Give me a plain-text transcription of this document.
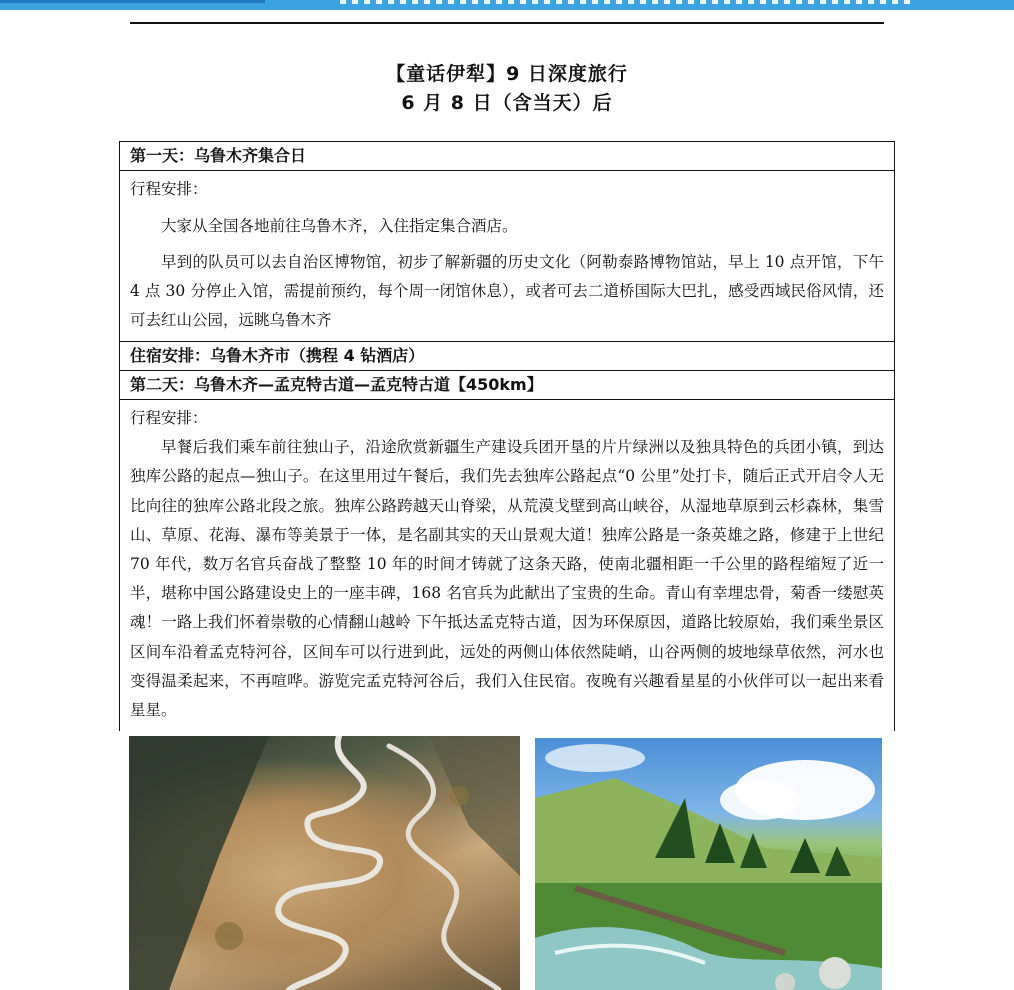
【童话伊犁】9 日深度旅行
6 月 8 日（含当天）后
第一天：乌鲁木齐集合日

行程安排：

大家从全国各地前往乌鲁木齐，入住指定集合酒店。

早到的队员可以去自治区博物馆，初步了解新疆的历史文化（阿勒泰路博物馆站，早上 10 点开馆，下午 4 点 30 分停止入馆，需提前预约，每个周一闭馆休息），或者可去二道桥国际大巴扎，感受西域民俗风情，还可去红山公园，远眺乌鲁木齐

住宿安排：乌鲁木齐市（携程 4 钻酒店）
第二天：乌鲁木齐—孟克特古道—孟克特古道【450km】

行程安排：

早餐后我们乘车前往独山子，沿途欣赏新疆生产建设兵团开垦的片片绿洲以及独具特色的兵团小镇，到达独库公路的起点—独山子。在这里用过午餐后，我们先去独库公路起点“0 公里”处打卡，随后正式开启令人无比向往的独库公路北段之旅。独库公路跨越天山脊梁，从荒漠戈壁到高山峡谷，从湿地草原到云杉森林，集雪山、草原、花海、瀑布等美景于一体，是名副其实的天山景观大道！独库公路是一条英雄之路，修建于上世纪 70 年代，数万名官兵奋战了整整 10 年的时间才铸就了这条天路，使南北疆相距一千公里的路程缩短了近一半，堪称中国公路建设史上的一座丰碑，168 名官兵为此献出了宝贵的生命。青山有幸埋忠骨，菊香一缕慰英魂！一路上我们怀着崇敬的心情翻山越岭 下午抵达孟克特古道，因为环保原因，道路比较原始，我们乘坐景区区间车沿着孟克特河谷，区间车可以行进到此，远处的两侧山体依然陡峭，山谷两侧的坡地绿草依然，河水也变得温柔起来，不再喧哗。游览完孟克特河谷后，我们入住民宿。夜晚有兴趣看星星的小伙伴可以一起出来看星星。
